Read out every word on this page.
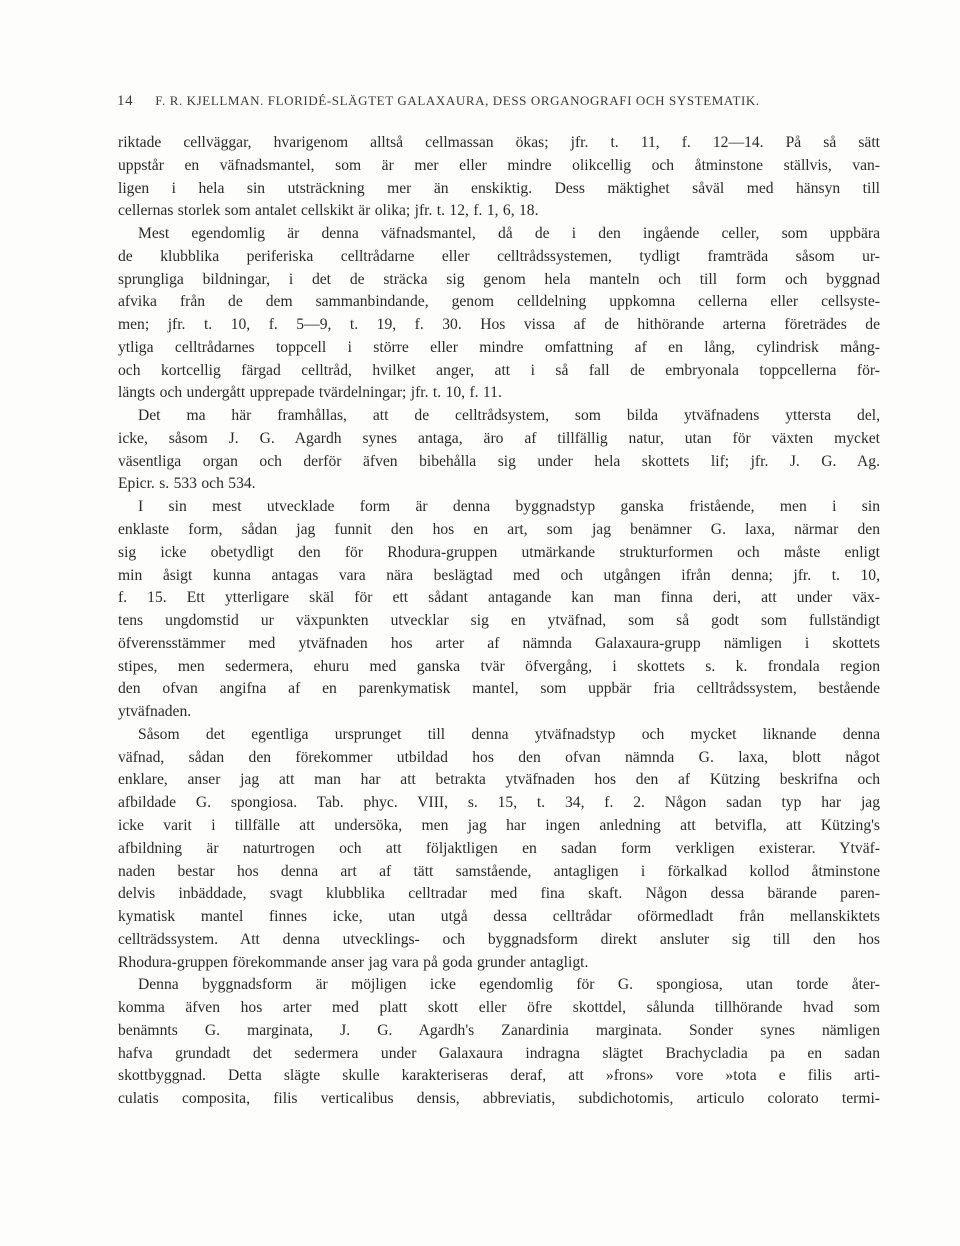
14 F. R. KJELLMAN. FLORIDÉ-SLÄGTET GALAXAURA, DESS ORGANOGRAFI OCH SYSTEMATIK.
riktade cellväggar, hvarigenom alltså cellmassan ökas; jfr. t. 11, f. 12—14. På så sätt
uppstår en väfnadsmantel, som är mer eller mindre olikcellig och åtminstone ställvis, van-
ligen i hela sin utsträckning mer än enskiktig. Dess mäktighet såväl med hänsyn till
cellernas storlek som antalet cellskikt är olika; jfr. t. 12, f. 1, 6, 18.
Mest egendomlig är denna väfnadsmantel, då de i den ingående celler, som uppbära
de klubblika periferiska celltrådarne eller celltrådssystemen, tydligt framträda såsom ur-
sprungliga bildningar, i det de sträcka sig genom hela manteln och till form och byggnad
afvika från de dem sammanbindande, genom celldelning uppkomna cellerna eller cellsyste-
men; jfr. t. 10, f. 5—9, t. 19, f. 30. Hos vissa af de hithörande arterna företrädes de
ytliga celltrådarnes toppcell i större eller mindre omfattning af en lång, cylindrisk mång-
och kortcellig färgad celltråd, hvilket anger, att i så fall de embryonala toppcellerna för-
längts och undergått upprepade tvärdelningar; jfr. t. 10, f. 11.
Det ma här framhållas, att de celltrådsystem, som bilda ytväfnadens yttersta del,
icke, såsom J. G. Agardh synes antaga, äro af tillfällig natur, utan för växten mycket
väsentliga organ och derför äfven bibehålla sig under hela skottets lif; jfr. J. G. Ag.
Epicr. s. 533 och 534.
I sin mest utvecklade form är denna byggnadstyp ganska fristående, men i sin
enklaste form, sådan jag funnit den hos en art, som jag benämner G. laxa, närmar den
sig icke obetydligt den för Rhodura-gruppen utmärkande strukturformen och måste enligt
min åsigt kunna antagas vara nära beslägtad med och utgången ifrån denna; jfr. t. 10,
f. 15. Ett ytterligare skäl för ett sådant antagande kan man finna deri, att under väx-
tens ungdomstid ur växpunkten utvecklar sig en ytväfnad, som så godt som fullständigt
öfverensstämmer med ytväfnaden hos arter af nämnda Galaxaura-grupp nämligen i skottets
stipes, men sedermera, ehuru med ganska tvär öfvergång, i skottets s. k. frondala region
den ofvan angifna af en parenkymatisk mantel, som uppbär fria celltrådssystem, bestående
ytväfnaden.
Såsom det egentliga ursprunget till denna ytväfnadstyp och mycket liknande denna
väfnad, sådan den förekommer utbildad hos den ofvan nämnda G. laxa, blott något
enklare, anser jag att man har att betrakta ytväfnaden hos den af Kützing beskrifna och
afbildade G. spongiosa. Tab. phyc. VIII, s. 15, t. 34, f. 2. Någon sadan typ har jag
icke varit i tillfälle att undersöka, men jag har ingen anledning att betvifla, att Kützing's
afbildning är naturtrogen och att följaktligen en sadan form verkligen existerar. Ytväf-
naden bestar hos denna art af tätt samstående, antagligen i förkalkad kollod åtminstone
delvis inbäddade, svagt klubblika celltradar med fina skaft. Någon dessa bärande paren-
kymatisk mantel finnes icke, utan utgå dessa celltrådar oförmedladt från mellanskiktets
cellträdssystem. Att denna utvecklings- och byggnadsform direkt ansluter sig till den hos
Rhodura-gruppen förekommande anser jag vara på goda grunder antagligt.
Denna byggnadsform är möjligen icke egendomlig för G. spongiosa, utan torde åter-
komma äfven hos arter med platt skott eller öfre skottdel, sålunda tillhörande hvad som
benämnts G. marginata, J. G. Agardh's Zanardinia marginata. Sonder synes nämligen
hafva grundadt det sedermera under Galaxaura indragna slägtet Brachycladia pa en sadan
skottbyggnad. Detta slägte skulle karakteriseras deraf, att »frons» vore »tota e filis arti-
culatis composita, filis verticalibus densis, abbreviatis, subdichotomis, articulo colorato termi-
